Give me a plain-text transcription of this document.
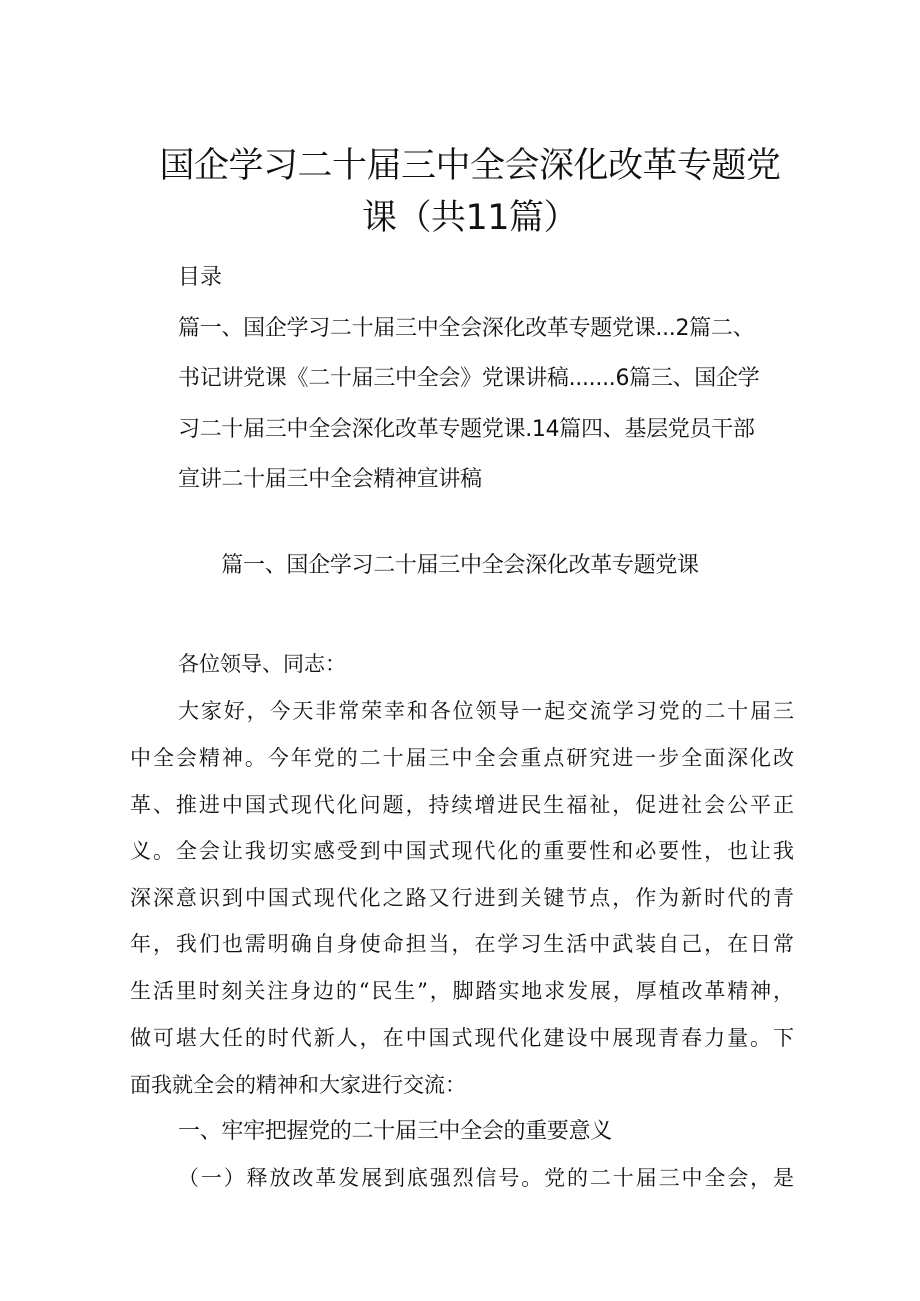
国企学习二十届三中全会深化改革专题党
课（共11篇）
目录
篇一、国企学习二十届三中全会深化改革专题党课...2篇二、
书记讲党课《二十届三中全会》党课讲稿.......6篇三、国企学
习二十届三中全会深化改革专题党课.14篇四、基层党员干部
宣讲二十届三中全会精神宣讲稿
篇一、国企学习二十届三中全会深化改革专题党课
各位领导、同志：
大家好，今天非常荣幸和各位领导一起交流学习党的二十届三
中全会精神。今年党的二十届三中全会重点研究进一步全面深化改
革、推进中国式现代化问题，持续增进民生福祉，促进社会公平正
义。全会让我切实感受到中国式现代化的重要性和必要性，也让我
深深意识到中国式现代化之路又行进到关键节点，作为新时代的青
年，我们也需明确自身使命担当，在学习生活中武装自己，在日常
生活里时刻关注身边的“民生”，脚踏实地求发展，厚植改革精神，
做可堪大任的时代新人，在中国式现代化建设中展现青春力量。下
面我就全会的精神和大家进行交流：
一、牢牢把握党的二十届三中全会的重要意义
（一）释放改革发展到底强烈信号。党的二十届三中全会，是
